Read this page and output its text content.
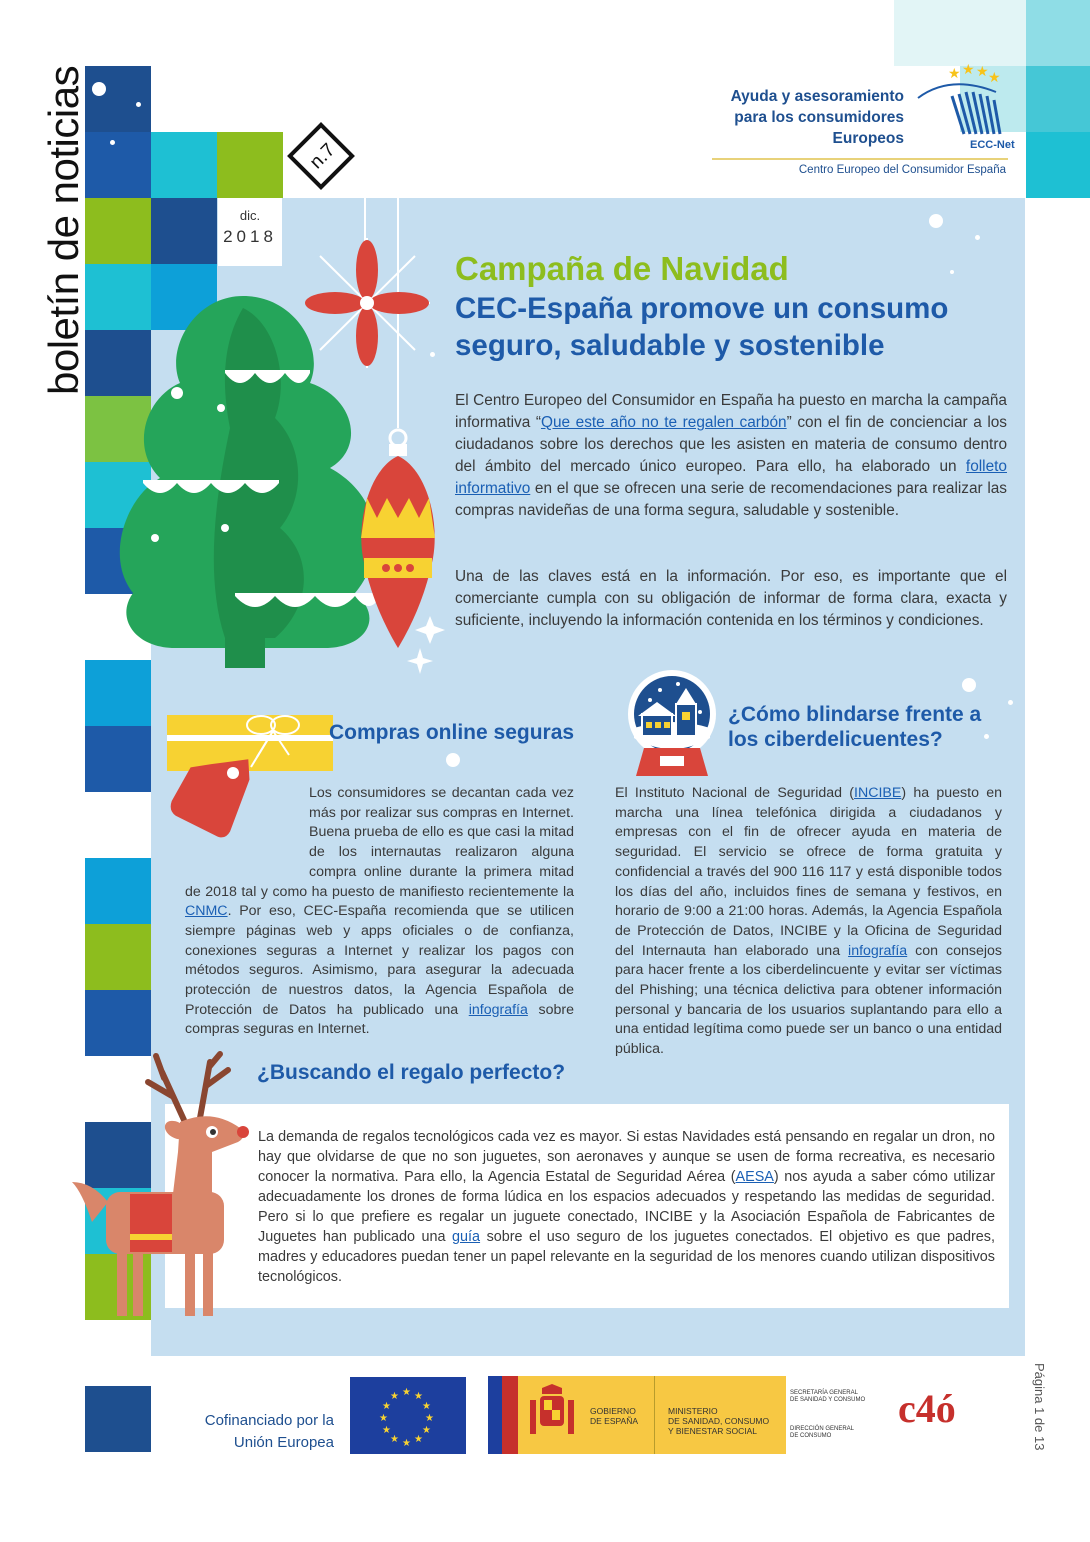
boletín de noticias	n.7
dic.
2018
Ayuda y asesoramiento
para los consumidores
Europeos
★ ★ ★ ★
ECC-Net
Centro Europeo del Consumidor España
Campaña de Navidad
CEC-España promove un consumo seguro, saludable y sostenible
El Centro Europeo del Consumidor en España ha puesto en marcha la campaña informativa “Que este año no te regalen carbón” con el fin de concienciar a los ciudadanos sobre los derechos que les asisten en materia de consumo dentro del ámbito del mercado único europeo. Para ello, ha elaborado un folleto informativo en el que se ofrecen una serie de recomendaciones para realizar las compras navideñas de una forma segura, saludable y sostenible.
Una de las claves está en la información. Por eso, es importante que el comerciante cumpla con su obligación de informar de forma clara, exacta y suficiente, incluyendo la información contenida en los términos y condiciones.
Compras online seguras
Los consumidores se decantan cada vez más por realizar sus compras en Internet. Buena prueba de ello es que casi la mitad de los internautas realizaron alguna compra online durante la primera mitad de 2018 tal y como ha puesto de manifiesto recientemente la CNMC. Por eso, CEC-España recomienda que se utilicen siempre páginas web y apps oficiales o de confianza, conexiones seguras a Internet y realizar los pagos con métodos seguros. Asimismo, para asegurar la adecuada protección de nuestros datos, la Agencia Española de Protección de Datos ha publicado una infografía sobre compras seguras en Internet.
¿Cómo blindarse frente a los ciberdelicuentes?
El Instituto Nacional de Seguridad (INCIBE) ha puesto en marcha una línea telefónica dirigida a ciudadanos y empresas con el fin de ofrecer ayuda en materia de seguridad. El servicio se ofrece de forma gratuita y confidencial a través del 900 116 117 y está disponible todos los días del año, incluidos fines de semana y festivos, en horario de 9:00 a 21:00 horas. Además, la Agencia Española de Protección de Datos, INCIBE y la Oficina de Seguridad del Internauta han elaborado una infografía con consejos para hacer frente a los ciberdelincuente y evitar ser víctimas del Phishing; una técnica delictiva para obtener información personal y bancaria de los usuarios suplantando para ello a una entidad legítima como puede ser un banco o una entidad pública.
¿Buscando el regalo perfecto?
La demanda de regalos tecnológicos cada vez es mayor. Si estas Navidades está pensando en regalar un dron, no hay que olvidarse de que no son juguetes, son aeronaves y aunque se usen de forma recreativa, es necesario conocer la normativa. Para ello, la Agencia Estatal de Seguridad Aérea (AESA) nos ayuda a saber cómo utilizar adecuadamente los drones de forma lúdica en los espacios adecuados y respetando las medidas de seguridad. Pero si lo que prefiere es regalar un juguete conectado, INCIBE y la Asociación Española de Fabricantes de Juguetes han publicado una guía sobre el uso seguro de los juguetes conectados. El objetivo es que padres, madres y educadores puedan tener un papel relevante en la seguridad de los menores cuando utilizan dispositivos tecnológicos.
Cofinanciado por la
Unión Europea
★ ★
★
★
★
★
★
★
★
★
★
★
GOBIERNO
DE ESPAÑA
MINISTERIO
DE SANIDAD, CONSUMO
Y BIENESTAR SOCIAL
SECRETARÍA GENERAL
DE SANIDAD Y CONSUMO
DIRECCIÓN GENERAL
DE CONSUMO
c4ó	Página 1 de 13
